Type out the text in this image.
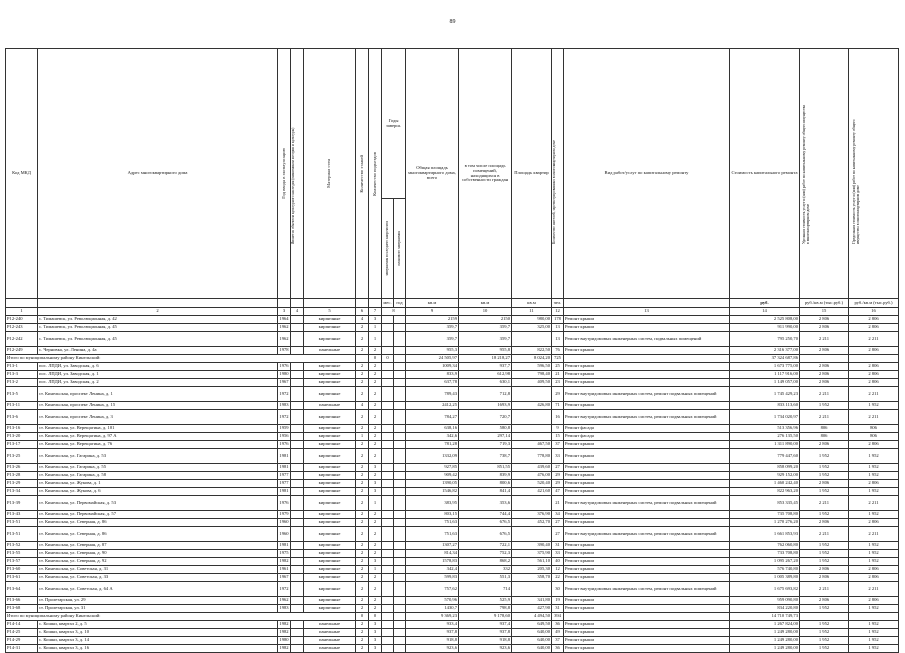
89
Код МКД	Адрес многоквартирного дома	Год ввода в эксплуатацию	Является объектом культурного наследия (памятником истории и культуры)	Материал стен	Количество этажей	Количество подъездов	Годы заверш.		Общая площадь многоквартирного дома, всего	в том числе площадь помещений, находящихся в собственности граждан	Площадь квартир	Количество жителей, зарегистрированных в многоквартирном доме	Вид работ/услуг по капитальному ремонту	Стоимость капитального ремонта	Удельная стоимость услуг и (или) работ по капитальному ремонту общего имущества в многоквартирном доме	Предельная стоимость услуг и (или) работ по капитальному ремонту общего имущества в многоквартирном доме

							завершения последнего капремонта	планового завершения								

							мес.	год	кв.м	кв.м	кв.м	чел.		руб.	руб./кв.м (тыс.руб.)	руб./кв.м (тыс.руб.)
1	2	3	4	5	6	7	8		9	10	11	12	13	14	15	16
Р12-240	с. Тимашевск, ул. Революционная, д. 42	1964		кирпичные	4	3			2159	2150	980,00	178	Ремонт крыши	2 525 808,00	2 806	2 806
Р12-243	с. Тимашевск, ул. Революционная, д. 45	1962		кирпичные	2	1			359,7	359,7	325,00	13	Ремонт крыши	911 990,00	2 806	2 806
Р12-242	с. Тимашевск, ул. Революционная, д. 45	1962		кирпичные	2	1			359,7	359,7		13	Ремонт внутридомовых инженерных систем, подвальных помещений	795 250,70	2 211	2 211
Р12-249	с. Черновка, ул. Ленина, д. 4а	1978		панельные	2	2			955,3	955,8	822,50	76	Ремонт крыши	2 316 377,00	2 806	2 806
Итого по муниципальному району Кинельский:						0	0		24 505,97	18 218,27	8 024,20	725		37 324 687,86		
Р13-1	пос. ЛПДИ, ул. Заводская, д. 6	1976		кирпичные	2	2			1009,34	937,7	596,50	25	Ремонт крыши	1 673 775,00	2 806	2 806
Р13-3	пос. ЛПДИ, ул. Заводская, д. 1	1980		кирпичные	2	2			833,9	612,98	798,40	21	Ремонт крыши	1 117 916,00	2 806	2 806
Р13-2	пос. ЛПДИ, ул. Заводская, д. 2	1967		кирпичные	2	2			637,78	630,1	409,50	23	Ремонт крыши	1 149 057,00	2 806	2 806
Р13-5	ст. Кинельская, проспект Ленина, д. 1	1972		кирпичные	2	2			789,43	712,8		29	Ремонт внутридомовых инженерных систем, ремонт подвальных помещений	1 745 429,23	2 211	2 211
Р13-11	ст. Кинельская, проспект Ленина, д. 15	1983		панельные	4	2			2412,25	1693,9	426,80	71	Ремонт крыши	833 113,60	1 952	1 952
Р13-6	ст. Кинельская, проспект Ленина, д. 3	1972		кирпичные	2	2			784,27	720,7		16	Ремонт внутридомовых инженерных систем, ремонт подвальных помещений	1 734 020,97	2 211	2 211
Р13-16	ст. Кинельская, ул. Верещагина, д. 101	1959		кирпичные	2	2			638,16	580,8		9	Ремонт фасада	513 356,96	806	806
Р13-20	ст. Кинельская, ул. Верещагина, д. 97 А	1956		кирпичные	1	2			342,6	297,14		15	Ремонт фасада	276 135,50	806	806
Р13-17	ст. Кинельская, ул. Верещагина, д. 76	1976		кирпичные	2	2			781,28	719,3	467,50	37	Ремонт крыши	1 311 890,00	2 806	2 806
Р13-25	ст. Кинельская, ул. Гагарина, д. 53	1981		кирпичные	2	2			1332,09	738,7	778,80	33	Ремонт крыши	779 447,60	1 952	1 952
Р13-26	ст. Кинельская, ул. Гагарина, д. 55	1981		кирпичные	2	3			927,85	851,55	439,60	27	Ремонт крыши	858 099,20	1 952	1 952
Р13-28	ст. Кинельская, ул. Гагарина, д. 58	1977		кирпичные	2	2			909,42	839,9	476,00	29	Ремонт крыши	929 152,00	1 952	1 952
Р13-29	ст. Кинельская, ул. Жукова, д. 1	1977		кирпичные	2	3			1390,05	800,6	520,40	29	Ремонт крыши	1 460 242,40	2 806	2 806
Р13-34	ст. Кинельская, ул. Жукова, д. 6	1981		кирпичные	2	3			1546,82	841,4	421,60	47	Ремонт крыши	822 963,20	1 952	1 952
Р13-39	ст. Кинельская, ул. Первомайская, д. 53	1976		кирпичные	2	1			383,95	353,6		21	Ремонт внутридомовых инженерных систем, ремонт подвальных помещений	853 335,45	2 211	2 211
Р13-43	ст. Кинельская, ул. Первомайская, д. 57	1979		кирпичные	2	2			803,15	744,4	376,90	34	Ремонт крыши	735 708,80	1 952	1 952
Р13-51	ст. Кинельская, ул. Северная, д. 86	1960		кирпичные	2	2			751,63	676,5	452,70	27	Ремонт крыши	1 270 276,20	2 806	2 806
Р13-51	ст. Кинельская, ул. Северная, д. 86	1960		кирпичные	2	2			751,63	676,5		27	Ремонт внутридомовых инженерных систем, ремонт подвальных помещений	1 661 853,93	2 211	2 211
Р13-52	ст. Кинельская, ул. Северная, д. 87	1981		кирпичные	2	2			1307,27	722,1	390,40	31	Ремонт крыши	762 060,80	1 952	1 952
Р13-55	ст. Кинельская, ул. Северная, д. 90	1975		кирпичные	2	2			814,34	752,3	375,90	33	Ремонт крыши	733 708,80	1 952	1 952
Р13-57	ст. Кинельская, ул. Северная, д. 92	1982		кирпичные	2	3			1578,83	868,2	561,10	40	Ремонт крыши	1 095 267,20	1 952	1 952
Р13-60	ст. Кинельская, ул. Советская, д. 31	1961		кирпичные	2	1			342,4	332	205,30	12	Ремонт крыши	576 740,80	2 806	2 806
Р13-61	ст. Кинельская, ул. Советская, д. 33	1967		кирпичные	2	2			599,83	551,3	358,70	22	Ремонт крыши	1 005 389,80	2 806	2 806
Р13-64	ст. Кинельская, ул. Советская, д. 64 А	1972		кирпичные	2	2			757,62	714		30	Ремонт внутридомовых инженерных систем, ремонт подвальных помещений	1 675 693,82	2 211	2 211
Р13-66	ст. Пролетарская, ул. 29	1962		кирпичные	2	2			570,96	525,9	341,80	19	Ремонт крыши	959 090,80	2 806	2 806
Р13-68	ст. Пролетарская, ул. 31	1983		кирпичные	2	2			1430,7	798,8	427,90	31	Ремонт крыши	834 220,80	1 952	1 952
Итого по муниципальному району Кинельский:					0	0			9 369,23	9 178,60	4 494,50	394		14 710 749,73		
Р14-14	с. Кошки, квартал 2, д. 5	1982		панельные	2	3			933,4	937,4	649,50	36	Ремонт крыши	1 267 824,00	1 952	1 952
Р14-25	с. Кошки, квартал 3, д. 10	1982		панельные	2	3			937,8	937,8	640,00	49	Ремонт крыши	1 249 280,00	1 952	1 952
Р14-29	с. Кошки, квартал 3, д. 14	1980		панельные	2	3			918,8	918,8	640,00	37	Ремонт крыши	1 249 280,00	1 952	1 952
Р14-31	с. Кошки, квартал 3, д. 16	1982		панельные	2	3			923,6	923,6	640,00	36	Ремонт крыши	1 249 280,00	1 952	1 952
